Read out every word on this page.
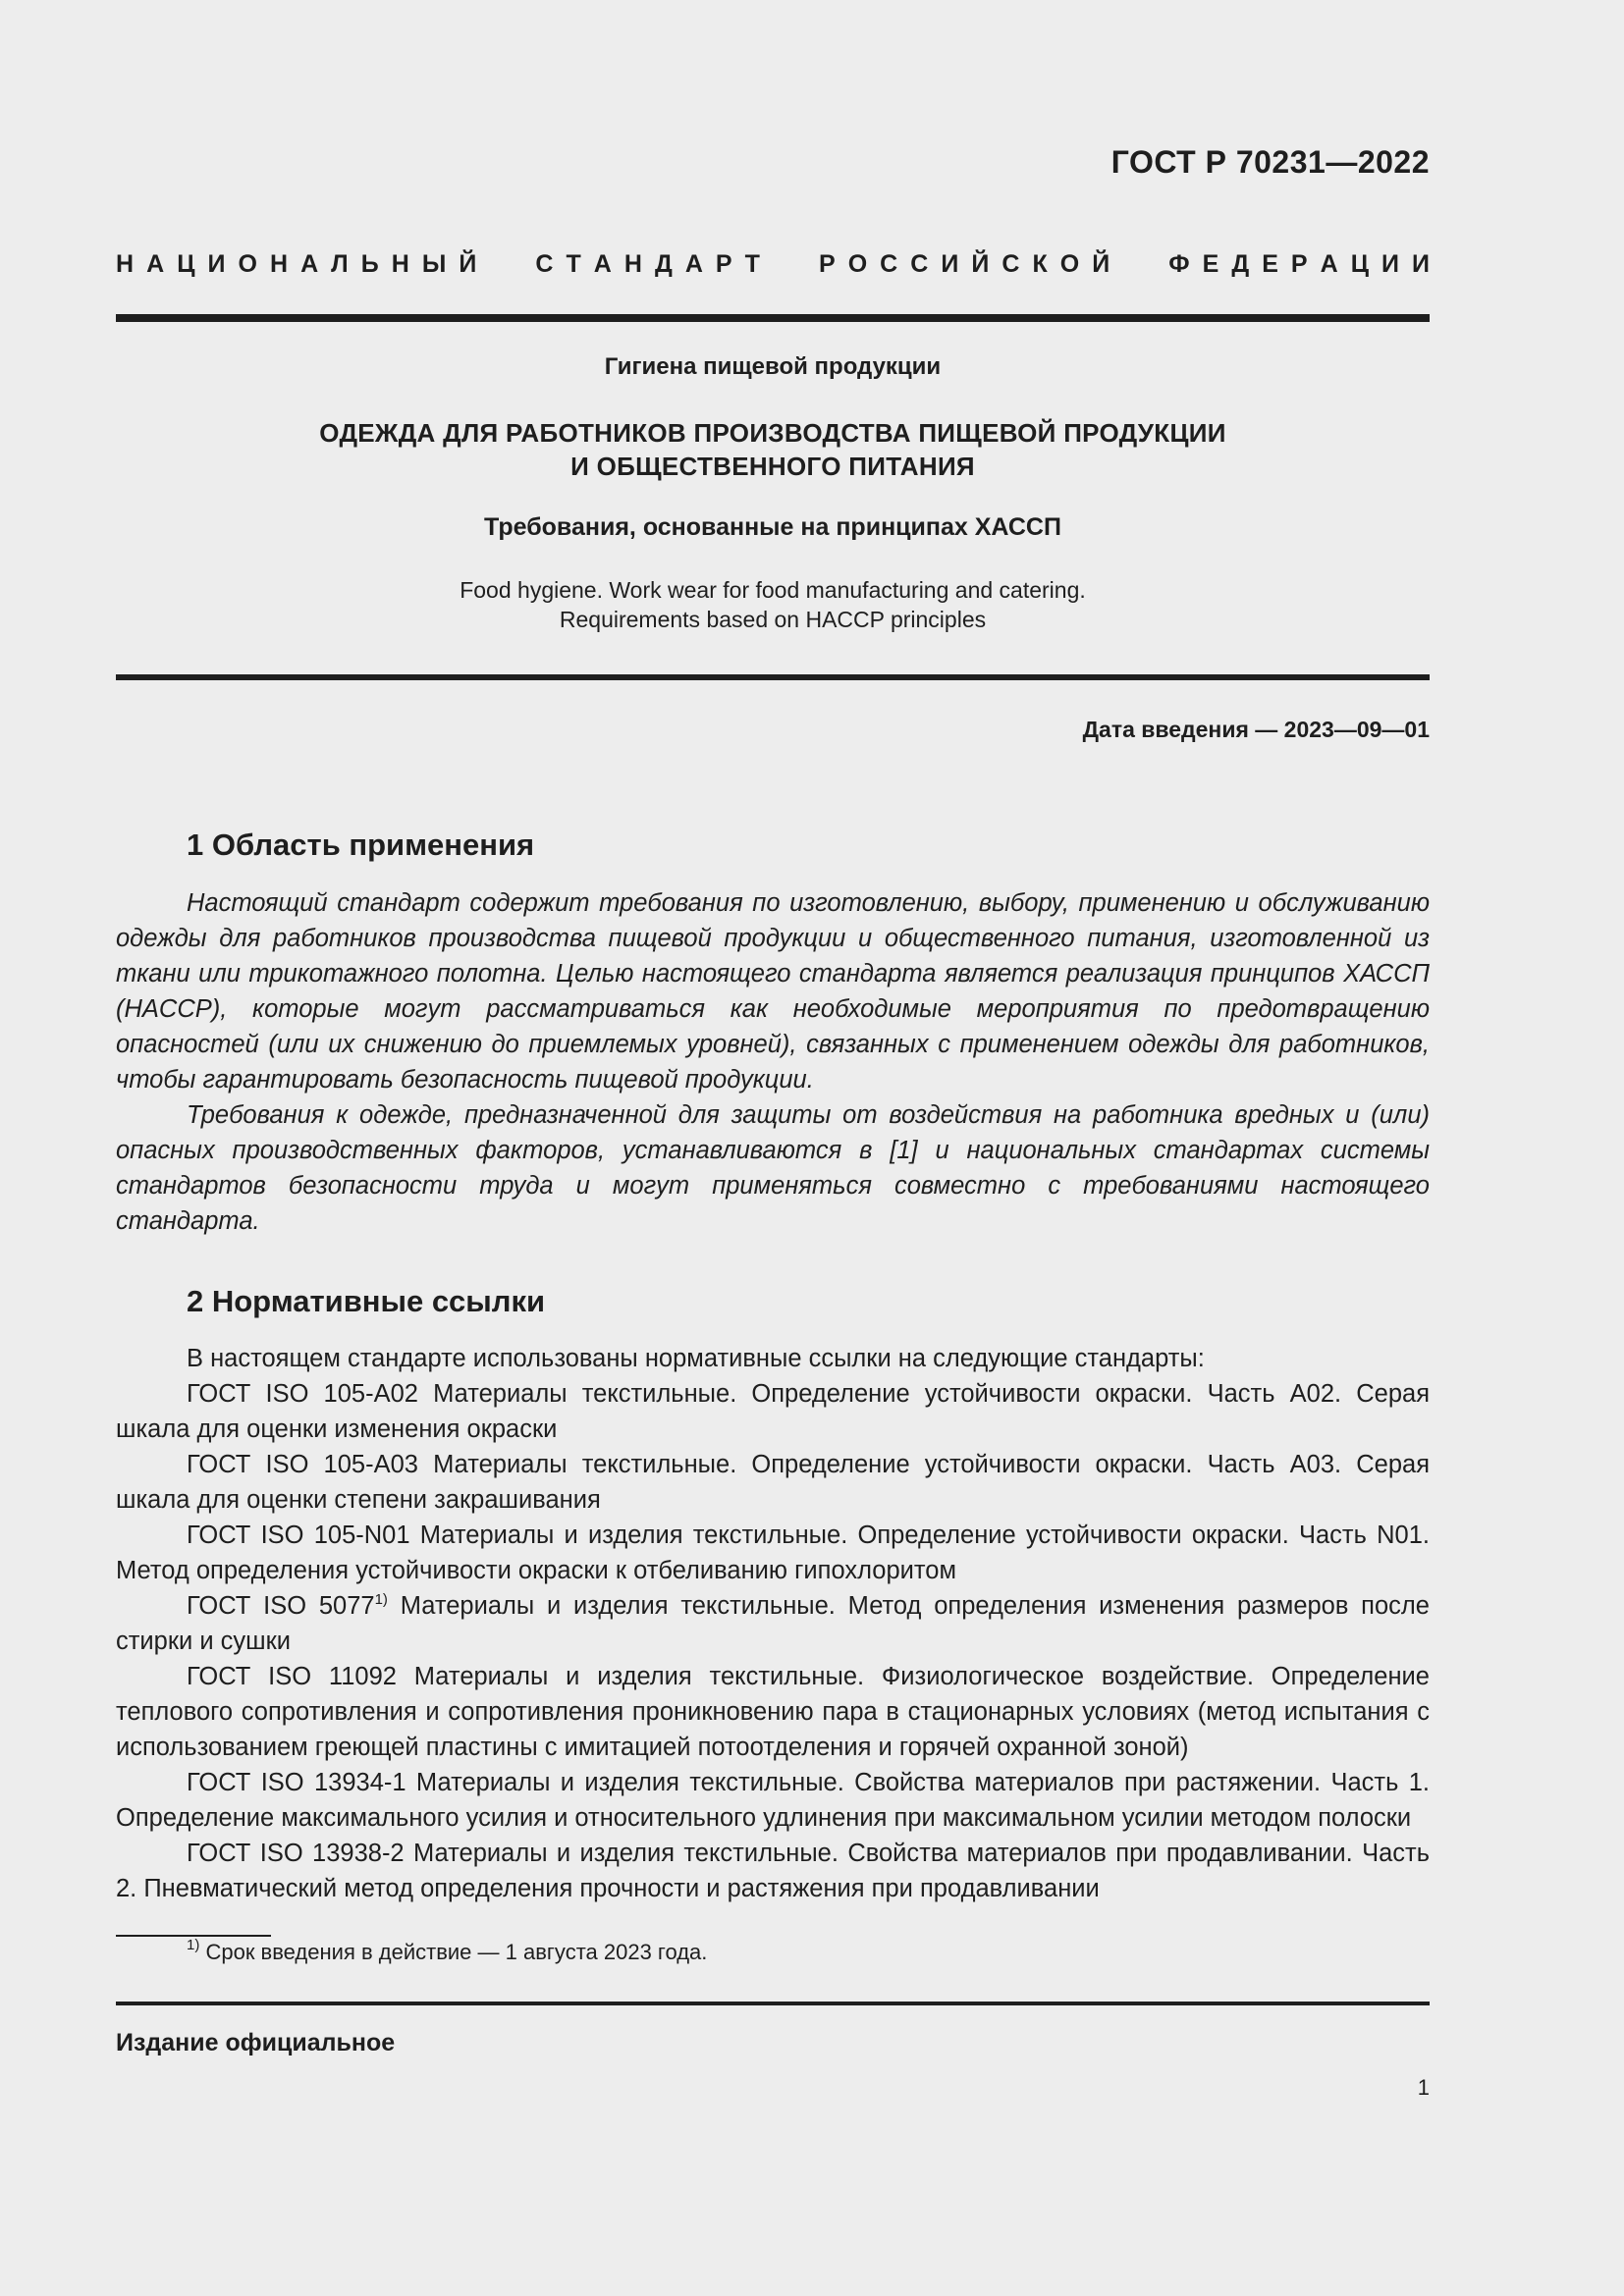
ГОСТ Р 70231—2022
Н А Ц И О Н А Л Ь Н Ы Й С Т А Н Д А Р Т Р О С С И Й С К О Й Ф Е Д Е Р А Ц И И
Гигиена пищевой продукции
ОДЕЖДА ДЛЯ РАБОТНИКОВ ПРОИЗВОДСТВА ПИЩЕВОЙ ПРОДУКЦИИ
И ОБЩЕСТВЕННОГО ПИТАНИЯ
Требования, основанные на принципах ХАССП
Food hygiene. Work wear for food manufacturing and catering.
Requirements based on HACCP principles
Дата введения — 2023—09—01
1 Область применения

Настоящий стандарт содержит требования по изготовлению, выбору, применению и обслуживанию одежды для работников производства пищевой продукции и общественного питания, изготовленной из ткани или трикотажного полотна. Целью настоящего стандарта является реализация принципов ХАССП (HACCP), которые могут рассматриваться как необходимые мероприятия по предотвращению опасностей (или их снижению до приемлемых уровней), связанных с применением одежды для работников, чтобы гарантировать безопасность пищевой продукции.

Требования к одежде, предназначенной для защиты от воздействия на работника вредных и (или) опасных производственных факторов, устанавливаются в [1] и национальных стандартах системы стандартов безопасности труда и могут применяться совместно с требованиями настоящего стандарта.

2 Нормативные ссылки

В настоящем стандарте использованы нормативные ссылки на следующие стандарты:

ГОСТ ISO 105-A02 Материалы текстильные. Определение устойчивости окраски. Часть A02. Серая шкала для оценки изменения окраски

ГОСТ ISO 105-A03 Материалы текстильные. Определение устойчивости окраски. Часть A03. Серая шкала для оценки степени закрашивания

ГОСТ ISO 105-N01 Материалы и изделия текстильные. Определение устойчивости окраски. Часть N01. Метод определения устойчивости окраски к отбеливанию гипохлоритом

ГОСТ ISO 5077$^{1)}$ Материалы и изделия текстильные. Метод определения изменения размеров после стирки и сушки

ГОСТ ISO 11092 Материалы и изделия текстильные. Физиологическое воздействие. Определение теплового сопротивления и сопротивления проникновению пара в стационарных условиях (метод испытания с использованием греющей пластины с имитацией потоотделения и горячей охранной зоной)

ГОСТ ISO 13934-1 Материалы и изделия текстильные. Свойства материалов при растяжении. Часть 1. Определение максимального усилия и относительного удлинения при максимальном усилии методом полоски

ГОСТ ISO 13938-2 Материалы и изделия текстильные. Свойства материалов при продавливании. Часть 2. Пневматический метод определения прочности и растяжения при продавливании

$^{1)}$ Срок введения в действие — 1 августа 2023 года.
Издание официальное
1
